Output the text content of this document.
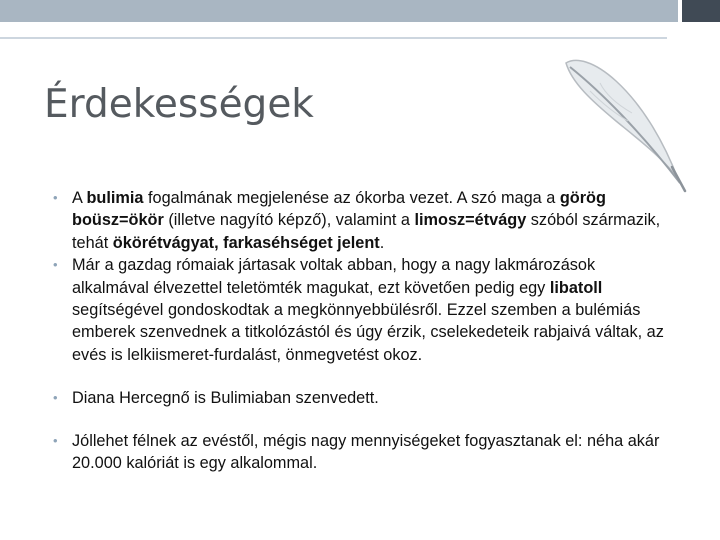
Érdekességek
• A bulimia fogalmának megjelenése az ókorba vezet. A szó maga a görög boüsz=ökör (illetve nagyító képző), valamint a limosz=étvágy szóból származik, tehát ökörétvágyat, farkaséhséget jelent.
• Már a gazdag rómaiak jártasak voltak abban, hogy a nagy lakmározások alkalmával élvezettel teletömték magukat, ezt követően pedig egy libatoll segítségével gondoskodtak a megkönnyebbülésről. Ezzel szemben a bulémiás emberek szenvednek a titkolózástól és úgy érzik, cselekedeteik rabjaivá váltak, az evés is lelkiismeret-furdalást, önmegvetést okoz.
• Diana Hercegnő is Bulimiaban szenvedett.
• Jóllehet félnek az evéstől, mégis nagy mennyiségeket fogyasztanak el: néha akár 20.000 kalóriát is egy alkalommal.
